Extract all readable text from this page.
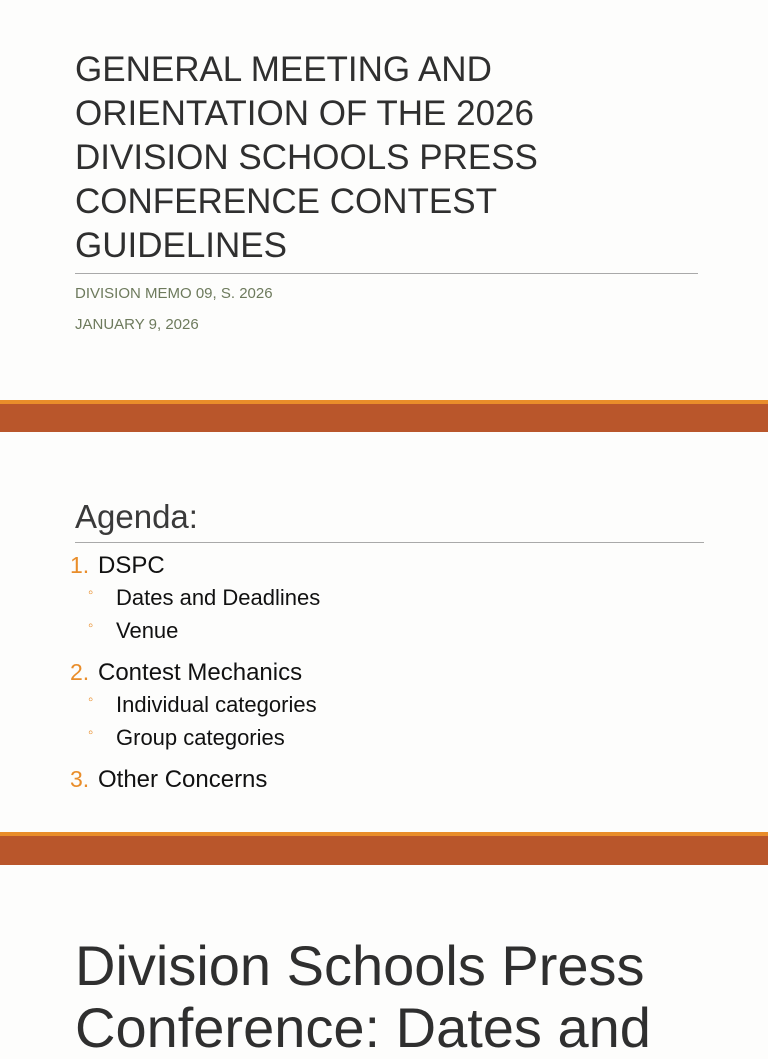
GENERAL MEETING AND
ORIENTATION OF THE 2026
DIVISION SCHOOLS PRESS
CONFERENCE CONTEST
GUIDELINES
DIVISION MEMO 09, S. 2026
JANUARY 9, 2026
Agenda:
1. DSPC
◦ Dates and Deadlines
◦ Venue
2. Contest Mechanics
◦ Individual categories
◦ Group categories
3. Other Concerns
Division Schools Press
Conference: Dates and
